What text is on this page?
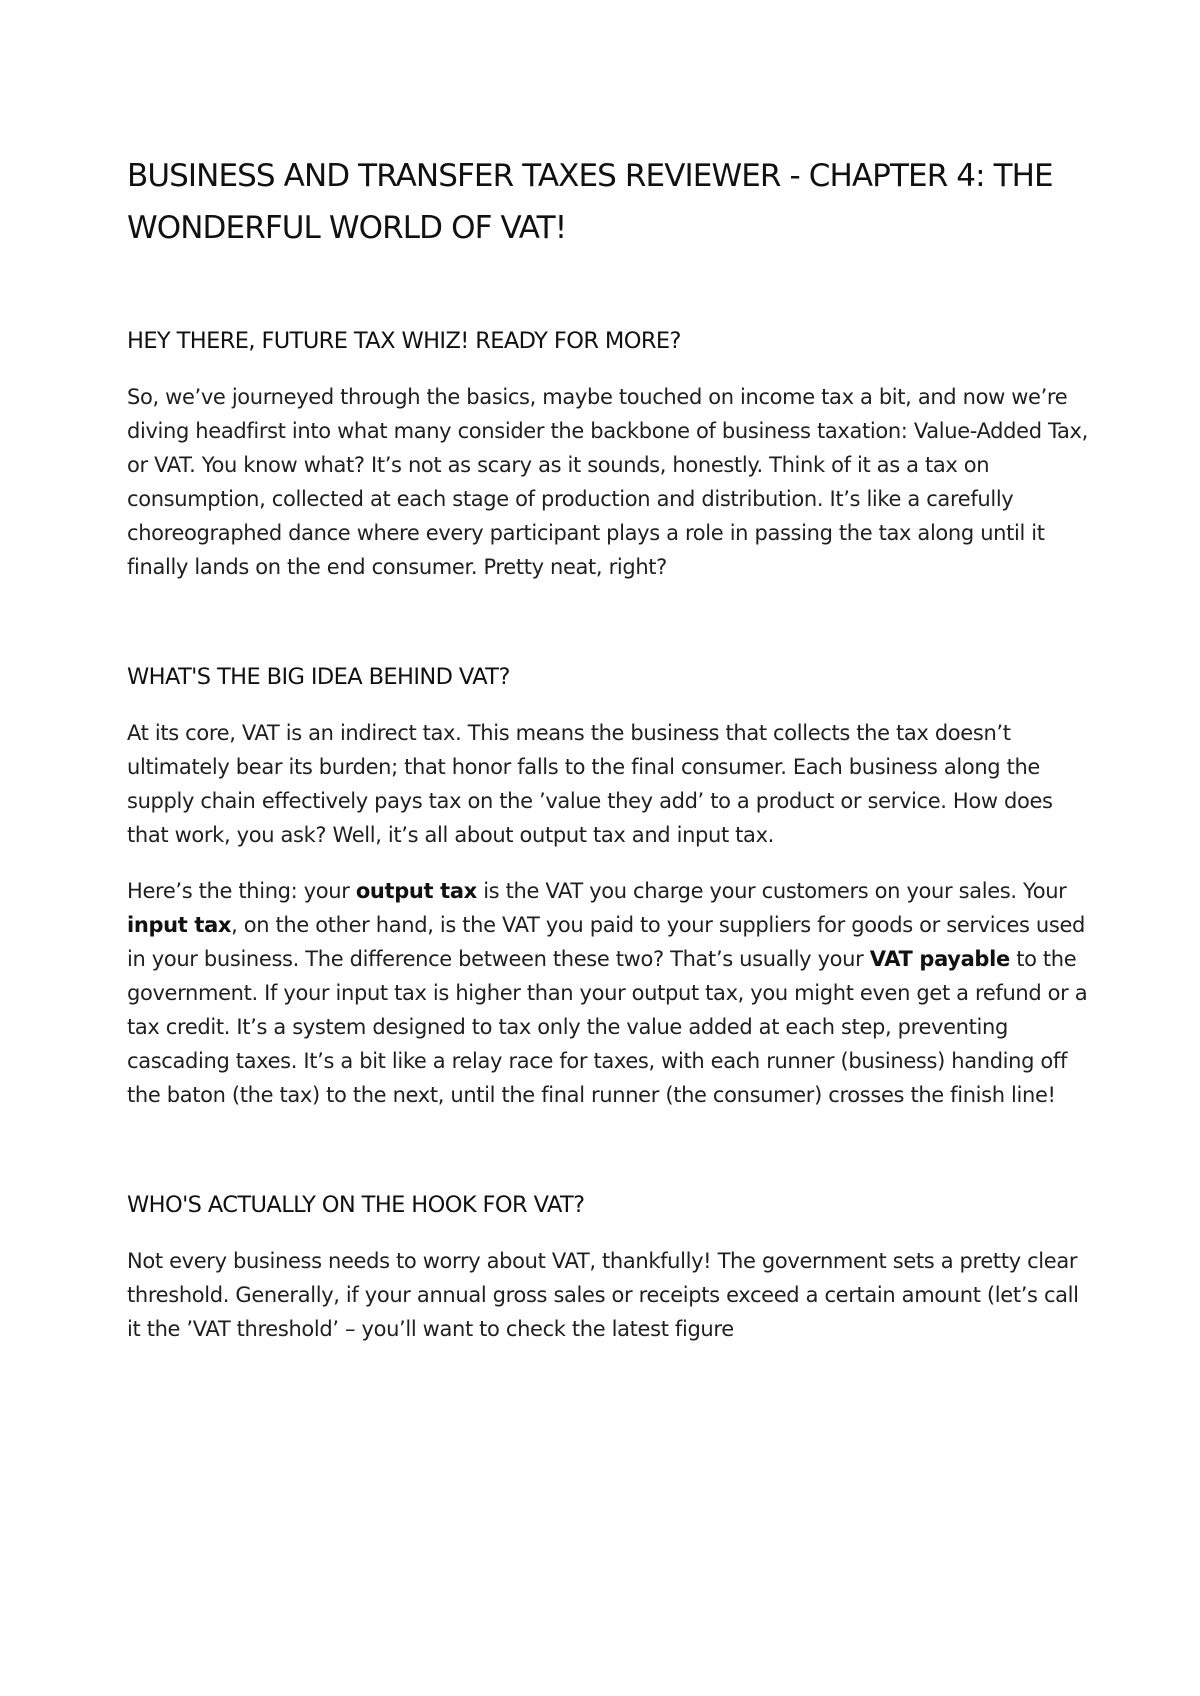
BUSINESS AND TRANSFER TAXES REVIEWER - CHAPTER 4: THE WONDERFUL WORLD OF VAT!
HEY THERE, FUTURE TAX WHIZ! READY FOR MORE?

So, we’ve journeyed through the basics, maybe touched on income tax a bit, and now we’re diving headfirst into what many consider the backbone of business taxation: Value-Added Tax, or VAT. You know what? It’s not as scary as it sounds, honestly. Think of it as a tax on consumption, collected at each stage of production and distribution. It’s like a carefully choreographed dance where every participant plays a role in passing the tax along until it finally lands on the end consumer. Pretty neat, right?

WHAT'S THE BIG IDEA BEHIND VAT?

At its core, VAT is an indirect tax. This means the business that collects the tax doesn’t ultimately bear its burden; that honor falls to the final consumer. Each business along the supply chain effectively pays tax on the ’value they add’ to a product or service. How does that work, you ask? Well, it’s all about output tax and input tax.

Here’s the thing: your output tax is the VAT you charge your customers on your sales. Your input tax, on the other hand, is the VAT you paid to your suppliers for goods or services used in your business. The difference between these two? That’s usually your VAT payable to the government. If your input tax is higher than your output tax, you might even get a refund or a tax credit. It’s a system designed to tax only the value added at each step, preventing cascading taxes. It’s a bit like a relay race for taxes, with each runner (business) handing off the baton (the tax) to the next, until the final runner (the consumer) crosses the finish line!

WHO'S ACTUALLY ON THE HOOK FOR VAT?

Not every business needs to worry about VAT, thankfully! The government sets a pretty clear threshold. Generally, if your annual gross sales or receipts exceed a certain amount (let’s call it the ’VAT threshold’ – you’ll want to check the latest figure
